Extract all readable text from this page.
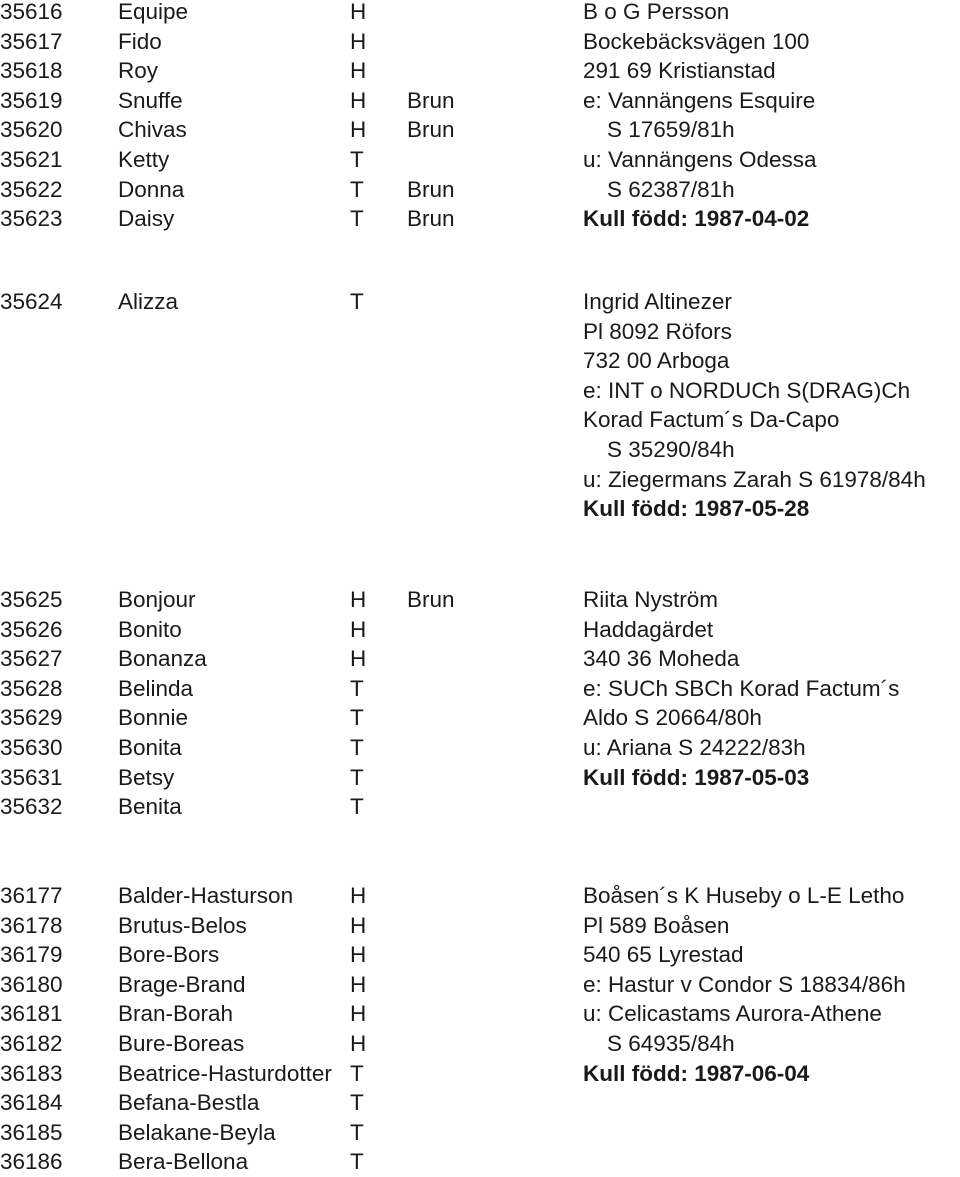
35616 Equipe	H	B o G Persson
35617 Fido	H	Bockebäcksvägen 100
35618 Roy	H	291 69 Kristianstad
35619 Snuffe	H Brun	e: Vannängens Esquire
35620 Chivas	H Brun	S 17659/81h
35621 Ketty	T	u: Vannängens Odessa
35622 Donna	T Brun	S 62387/81h
35623 Daisy	T Brun	Kull född: 1987-04-02
35624 Alizza	T	Ingrid Altinezer
Pl 8092 Röfors
732 00 Arboga
e: INT o NORDUCh S(DRAG)Ch
Korad Factum´s Da-Capo
S 35290/84h
u: Ziegermans Zarah S 61978/84h
Kull född: 1987-05-28
35625 Bonjour	H Brun	Riita Nyström
35626 Bonito	H	Haddagärdet
35627 Bonanza	H	340 36 Moheda
35628 Belinda	T	e: SUCh SBCh Korad Factum´s
35629 Bonnie	T	Aldo S 20664/80h
35630 Bonita	T	u: Ariana S 24222/83h
35631 Betsy	T	Kull född: 1987-05-03
35632 Benita	T
36177 Balder-Hasturson	H	Boåsen´s K Huseby o L-E Letho
36178 Brutus-Belos	H	Pl 589 Boåsen
36179 Bore-Bors	H	540 65 Lyrestad
36180 Brage-Brand	H	e: Hastur v Condor S 18834/86h
36181 Bran-Borah	H	u: Celicastams Aurora-Athene
36182 Bure-Boreas	H	S 64935/84h
36183 Beatrice-Hasturdotter T	Kull född: 1987-06-04
36184 Befana-Bestla	T
36185 Belakane-Beyla	T
36186 Bera-Bellona	T
